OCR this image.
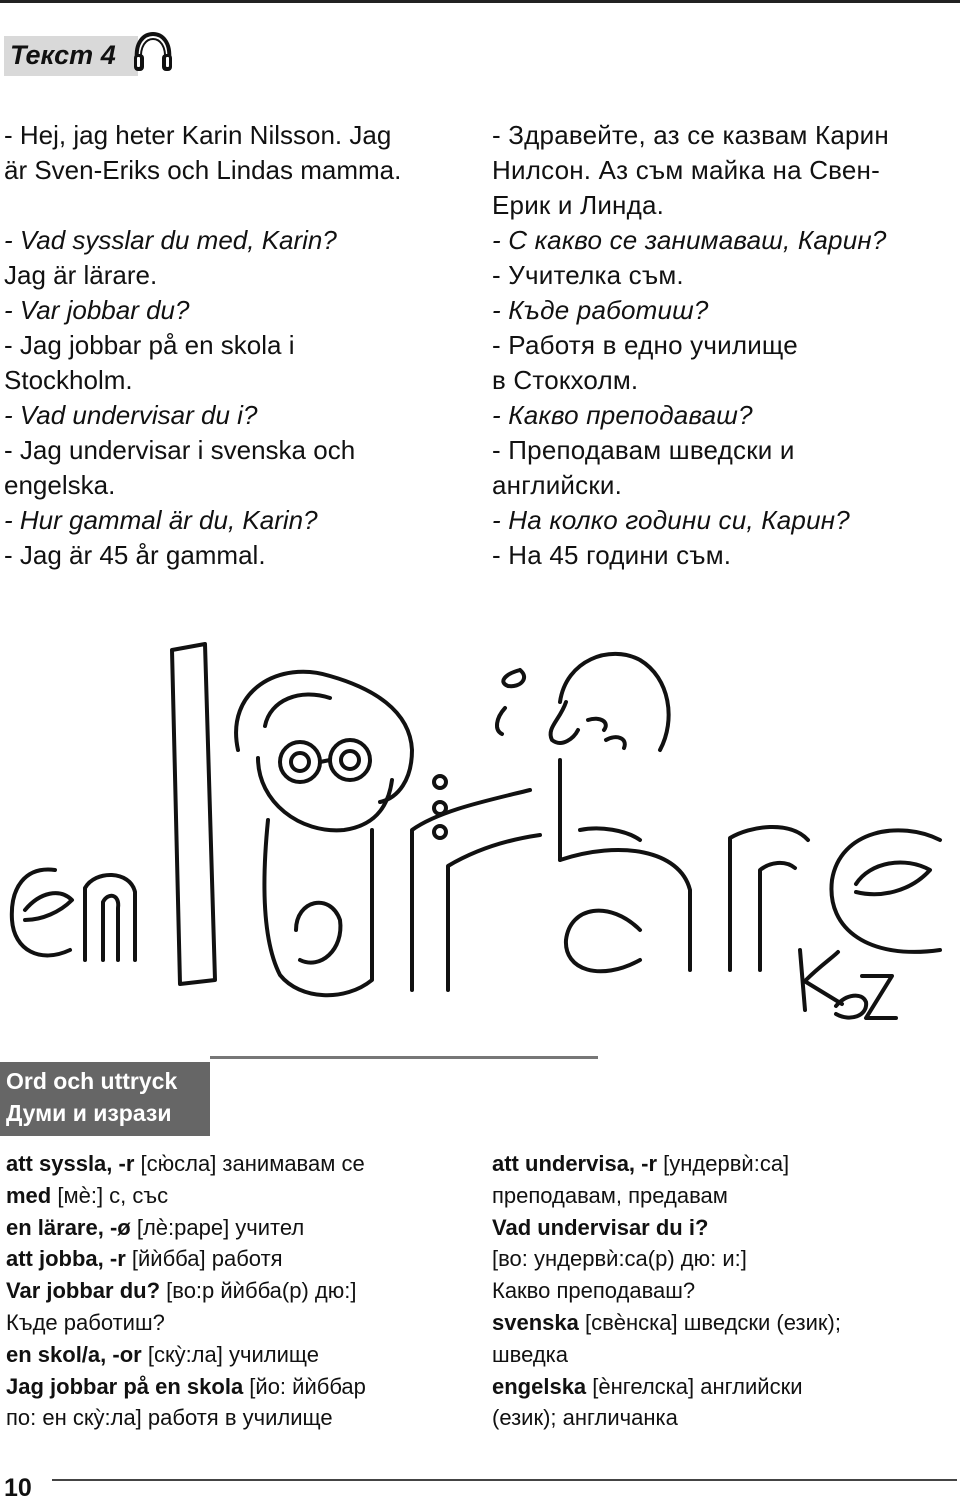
Текст 4
- Hej, jag heter Karin Nilsson. Jag
är Sven-Eriks och Lindas mamma.
- Vad sysslar du med, Karin?
Jag är lärare.
- Var jobbar du?
- Jag jobbar på en skola i
Stockholm.
- Vad undervisar du i?
- Jag undervisar i svenska och
engelska.
- Hur gammal är du, Karin?
- Jag är 45 år gammal.
- Здравейте, аз се казвам Карин
Нилсон. Аз съм майка на Свен-
Ерик и Линда.
- С какво се занимаваш, Карин?
- Учителка съм.
- Къде работиш?
- Работя в едно училище
в Стокхолм.
- Какво преподаваш?
- Преподавам шведски и
английски.
- На колко години си, Карин?
- На 45 години съм.
en lärare
Ord och uttryck
Думи и изрази
att syssla, -r [сю̀сла] занимавам се
med [мѐ:] с, със
en lärare, -ø [лѐ:раре] учител
att jobba, -r [йѝбба] работя
Var jobbar du? [во:р йѝбба(р) дю:]
Къде работиш?
en skol/a, -or [скỳ:ла] училище
Jag jobbar på en skola [йо: йѝббар
по: ен скỳ:ла] работя в училище
att undervisa, -r [ундервѝ:са]
преподавам, предавам
Vad undervisar du i?
[во: ундервѝ:са(р) дю: и:]
Какво преподаваш?
svenska [свѐнска] шведски (език);
шведка
engelska [ѐнгелска] английски
(език); англичанка
10
